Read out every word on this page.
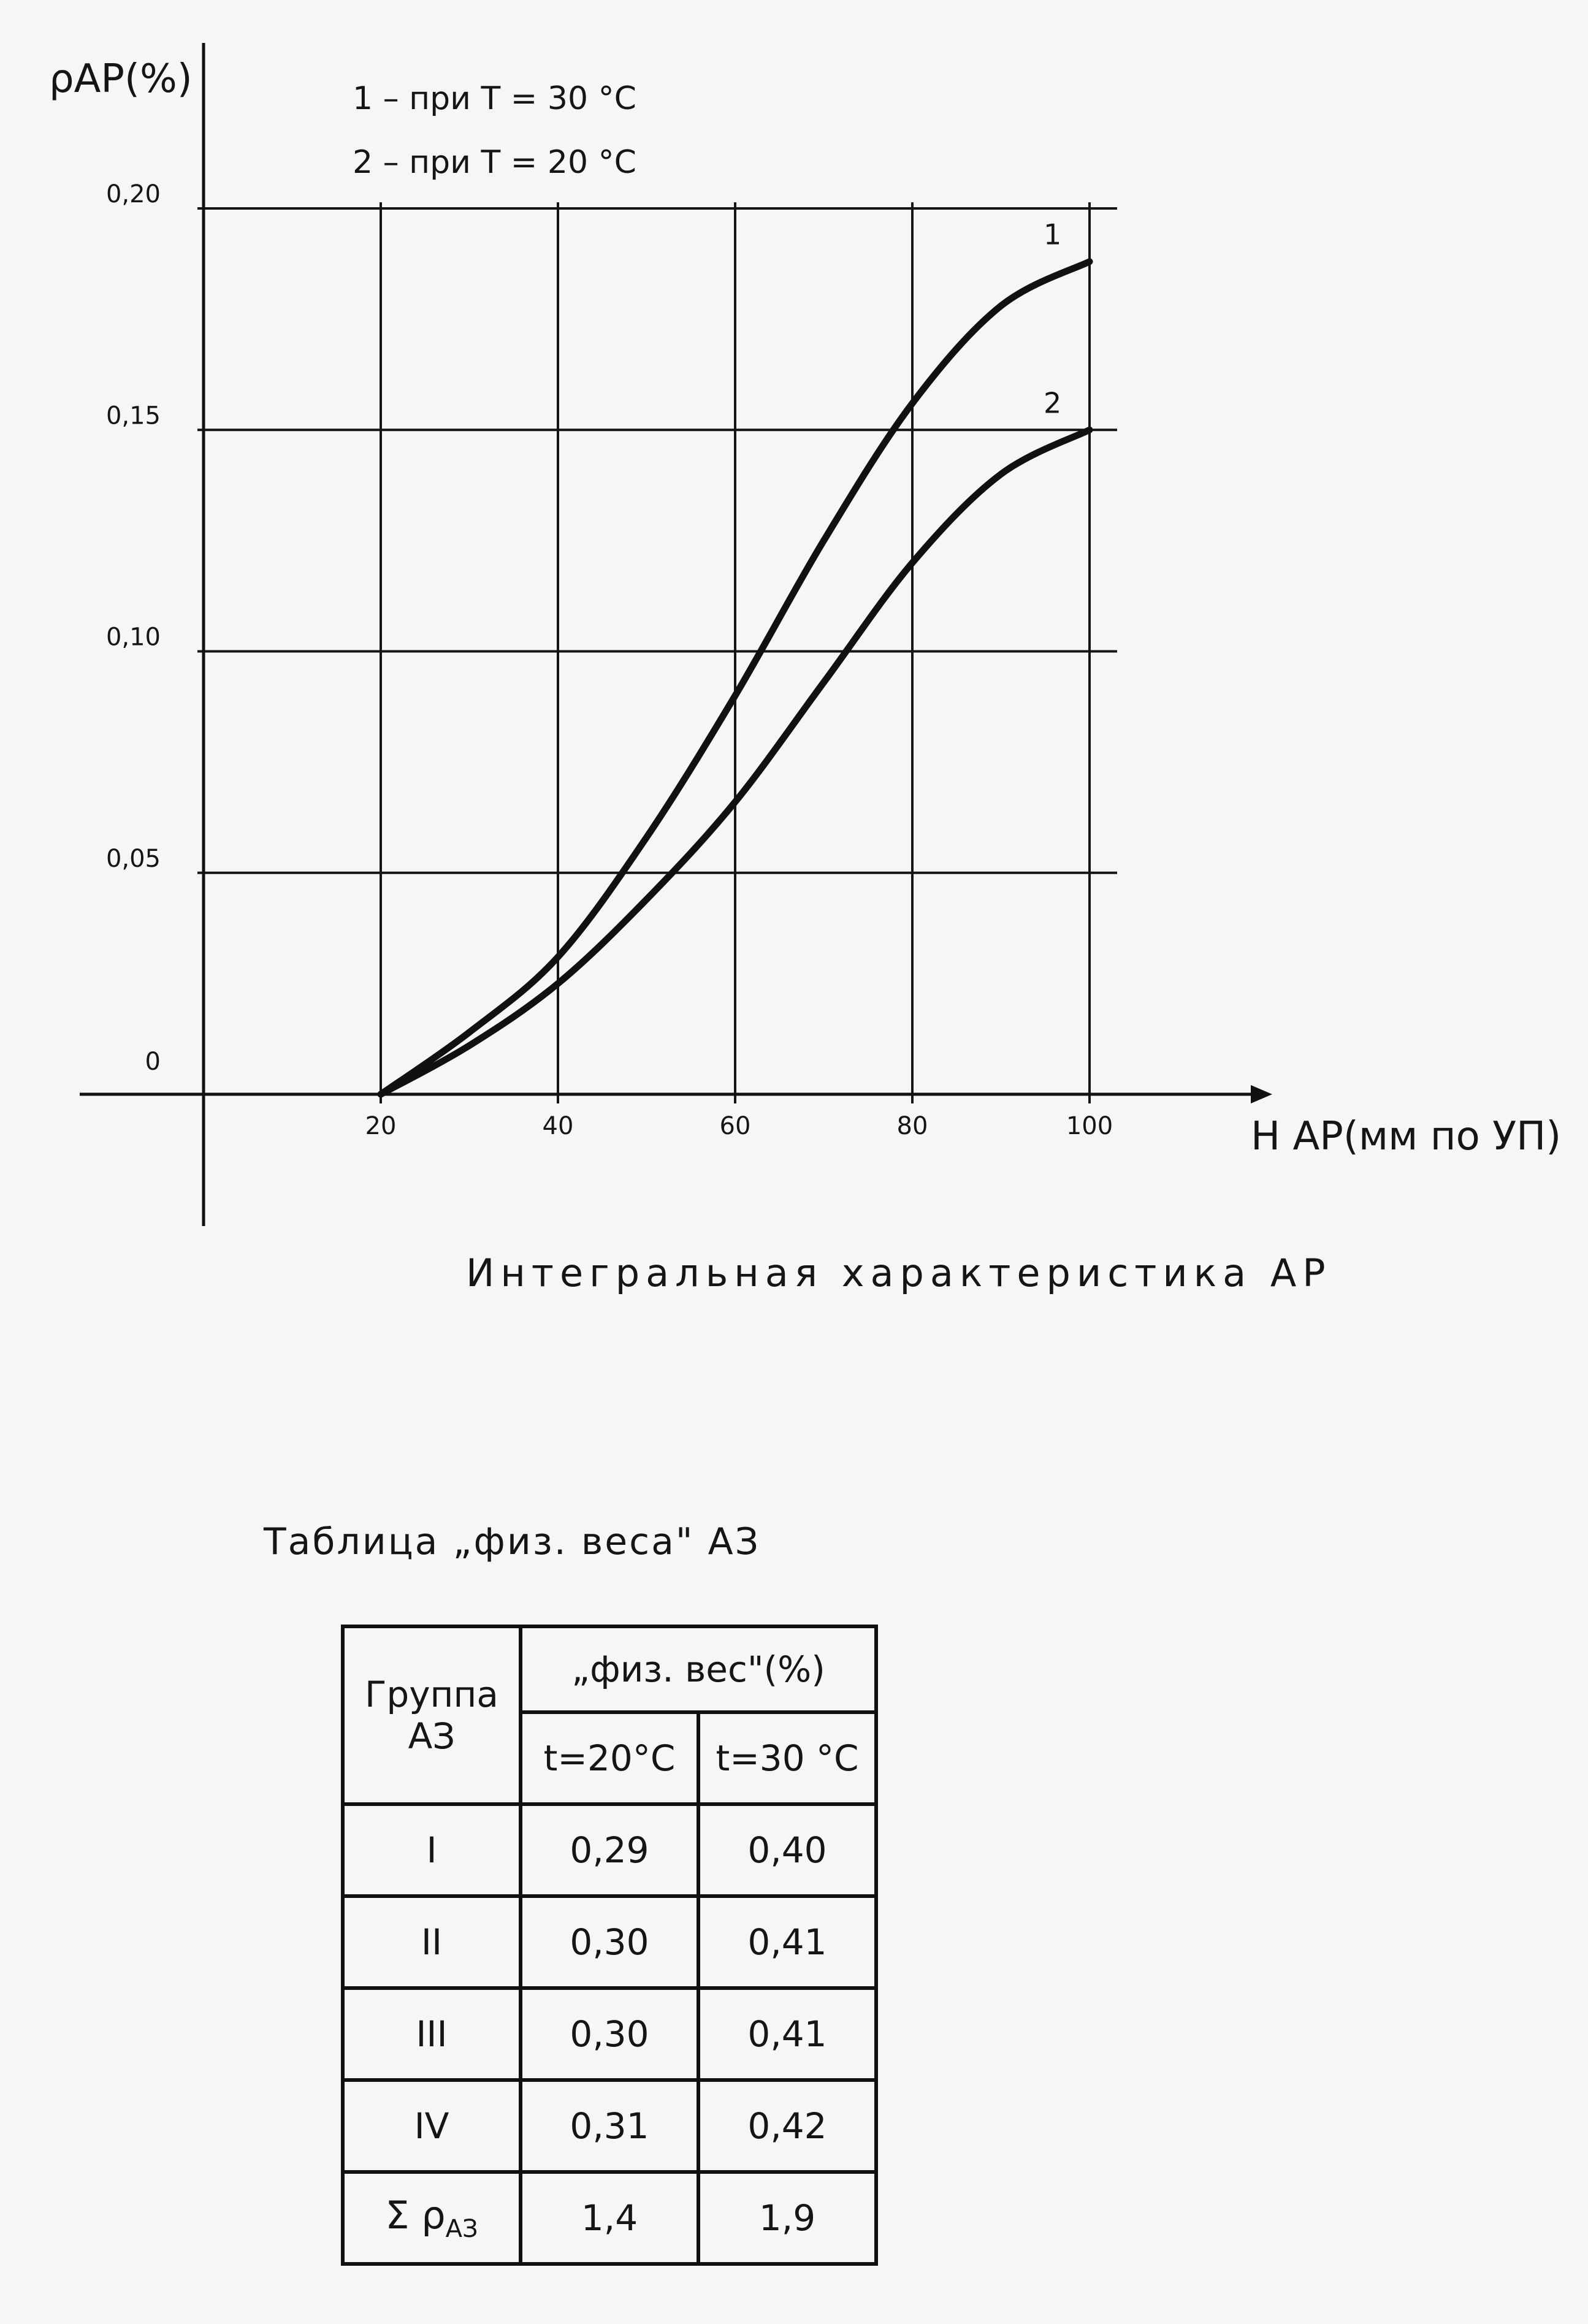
20	40	60	80	100
0
0,05
0,10
0,15
0,20
1
2
ρАР(%)
H АР(мм по УП)
1 – при T = 30 °C
2 – при T = 20 °C
Интегральная характеристика АР
Таблица „физ. веса" АЗ
Группа АЗ	„физ. вес"(%)	
	t=20°C	t=30 °C
I	0,29	0,40
II	0,30	0,41
III	0,30	0,41
IV	0,31	0,42
Σ $\rho_{АЗ}$	1,4	1,9
